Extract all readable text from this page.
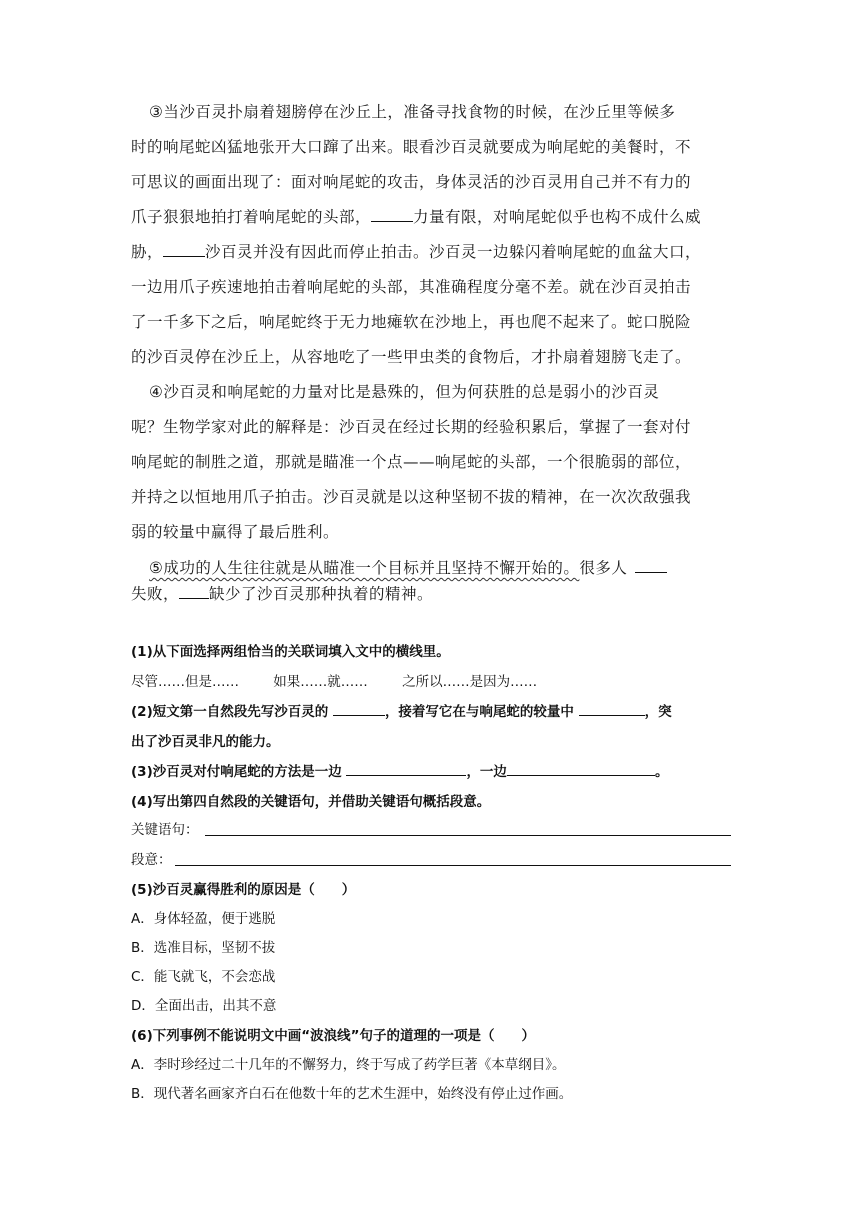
③当沙百灵扑扇着翅膀停在沙丘上，准备寻找食物的时候，在沙丘里等候多
时的响尾蛇凶猛地张开大口蹿了出来。眼看沙百灵就要成为响尾蛇的美餐时，不
可思议的画面出现了：面对响尾蛇的攻击，身体灵活的沙百灵用自己并不有力的
爪子狠狠地拍打着响尾蛇的头部，	力量有限，对响尾蛇似乎也构不成什么威
胁，	沙百灵并没有因此而停止拍击。沙百灵一边躲闪着响尾蛇的血盆大口，
一边用爪子疾速地拍击着响尾蛇的头部，其准确程度分毫不差。就在沙百灵拍击
了一千多下之后，响尾蛇终于无力地瘫软在沙地上，再也爬不起来了。蛇口脱险
的沙百灵停在沙丘上，从容地吃了一些甲虫类的食物后，才扑扇着翅膀飞走了。
④沙百灵和响尾蛇的力量对比是悬殊的，但为何获胜的总是弱小的沙百灵
呢？生物学家对此的解释是：沙百灵在经过长期的经验积累后，掌握了一套对付
响尾蛇的制胜之道，那就是瞄准一个点——响尾蛇的头部，一个很脆弱的部位，
并持之以恒地用爪子拍击。沙百灵就是以这种坚韧不拔的精神，在一次次敌强我
弱的较量中赢得了最后胜利。
⑤成功的人生往往就是从瞄准一个目标并且坚持不懈开始的。很多人
失败， 缺少了沙百灵那种执着的精神。
(1)从下面选择两组恰当的关联词填入文中的横线里。
尽管……但是……	如果……就……	之所以……是因为……
(2)短文第一自然段先写沙百灵的	，接着写它在与响尾蛇的较量中	，突
出了沙百灵非凡的能力。
(3)沙百灵对付响尾蛇的方法是一边	，一边	。
(4)写出第四自然段的关键语句，并借助关键语句概括段意。
关键语句：
段意：
(5)沙百灵赢得胜利的原因是（　　）
A．身体轻盈，便于逃脱
B．选准目标，坚韧不拔
C．能飞就飞，不会恋战
D．全面出击，出其不意
(6)下列事例不能说明文中画“波浪线”句子的道理的一项是（　　）
A．李时珍经过二十几年的不懈努力，终于写成了药学巨著《本草纲目》。
B．现代著名画家齐白石在他数十年的艺术生涯中，始终没有停止过作画。
